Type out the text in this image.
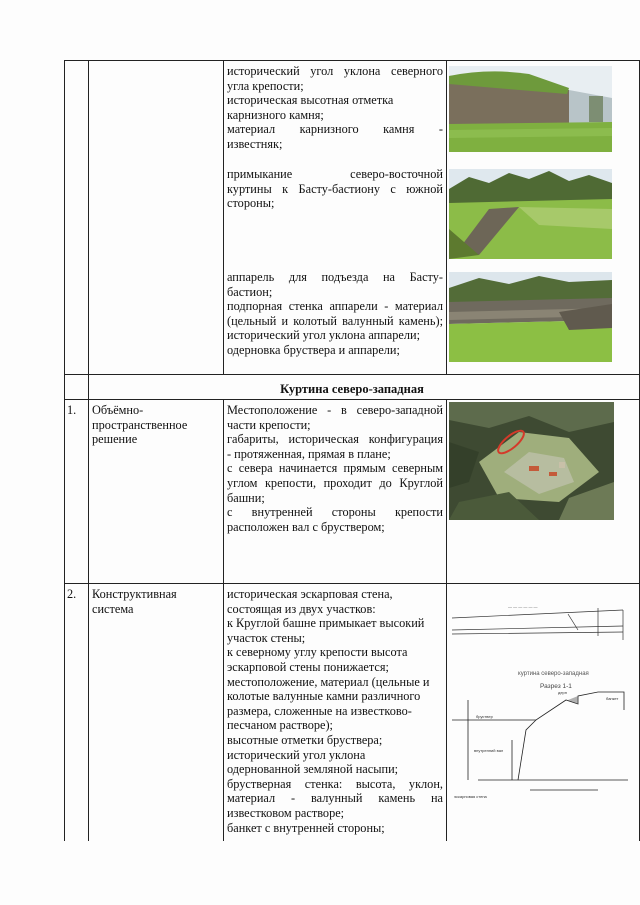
исторический угол уклона северного
угла крепости;
историческая высотная отметка
карнизного камня;
материал карнизного камня -
известняк;
примыкание северо-восточной
куртины к Басту-бастиону с южной
стороны;
аппарель для подъезда на Басту-
бастион;
подпорная стенка аппарели - материал
(цельный и колотый валунный камень);
исторический угол уклона аппарели;
одерновка бруствера и аппарели;
Куртина северо-западная
1. Объёмно-
пространственное
решение
Местоположение - в северо-западной
части крепости;
габариты, историческая конфигурация
- протяженная, прямая в плане;
с севера начинается прямым северным
углом крепости, проходит до Круглой
башни;
с внутренней стороны крепости
расположен вал с бруствером;
2. Конструктивная
система
историческая эскарповая стена,
состоящая из двух участков:
к Круглой башне примыкает высокий
участок стены;
к северному углу крепости высота
эскарповой стены понижается;
местоположение, материал (цельные и
колотые валунные камни различного
размера, сложенные на известково-
песчаном растворе);
высотные отметки бруствера;
исторический угол уклона
одернованной земляной насыпи;
брустверная стенка: высота, уклон,
материал - валунный камень на
известковом растворе;
банкет с внутренней стороны;
— — — — — —
куртина северо-западная
Разрез 1-1
дерн
банкет
бруствер
внутренний вал
эскарповая стена
